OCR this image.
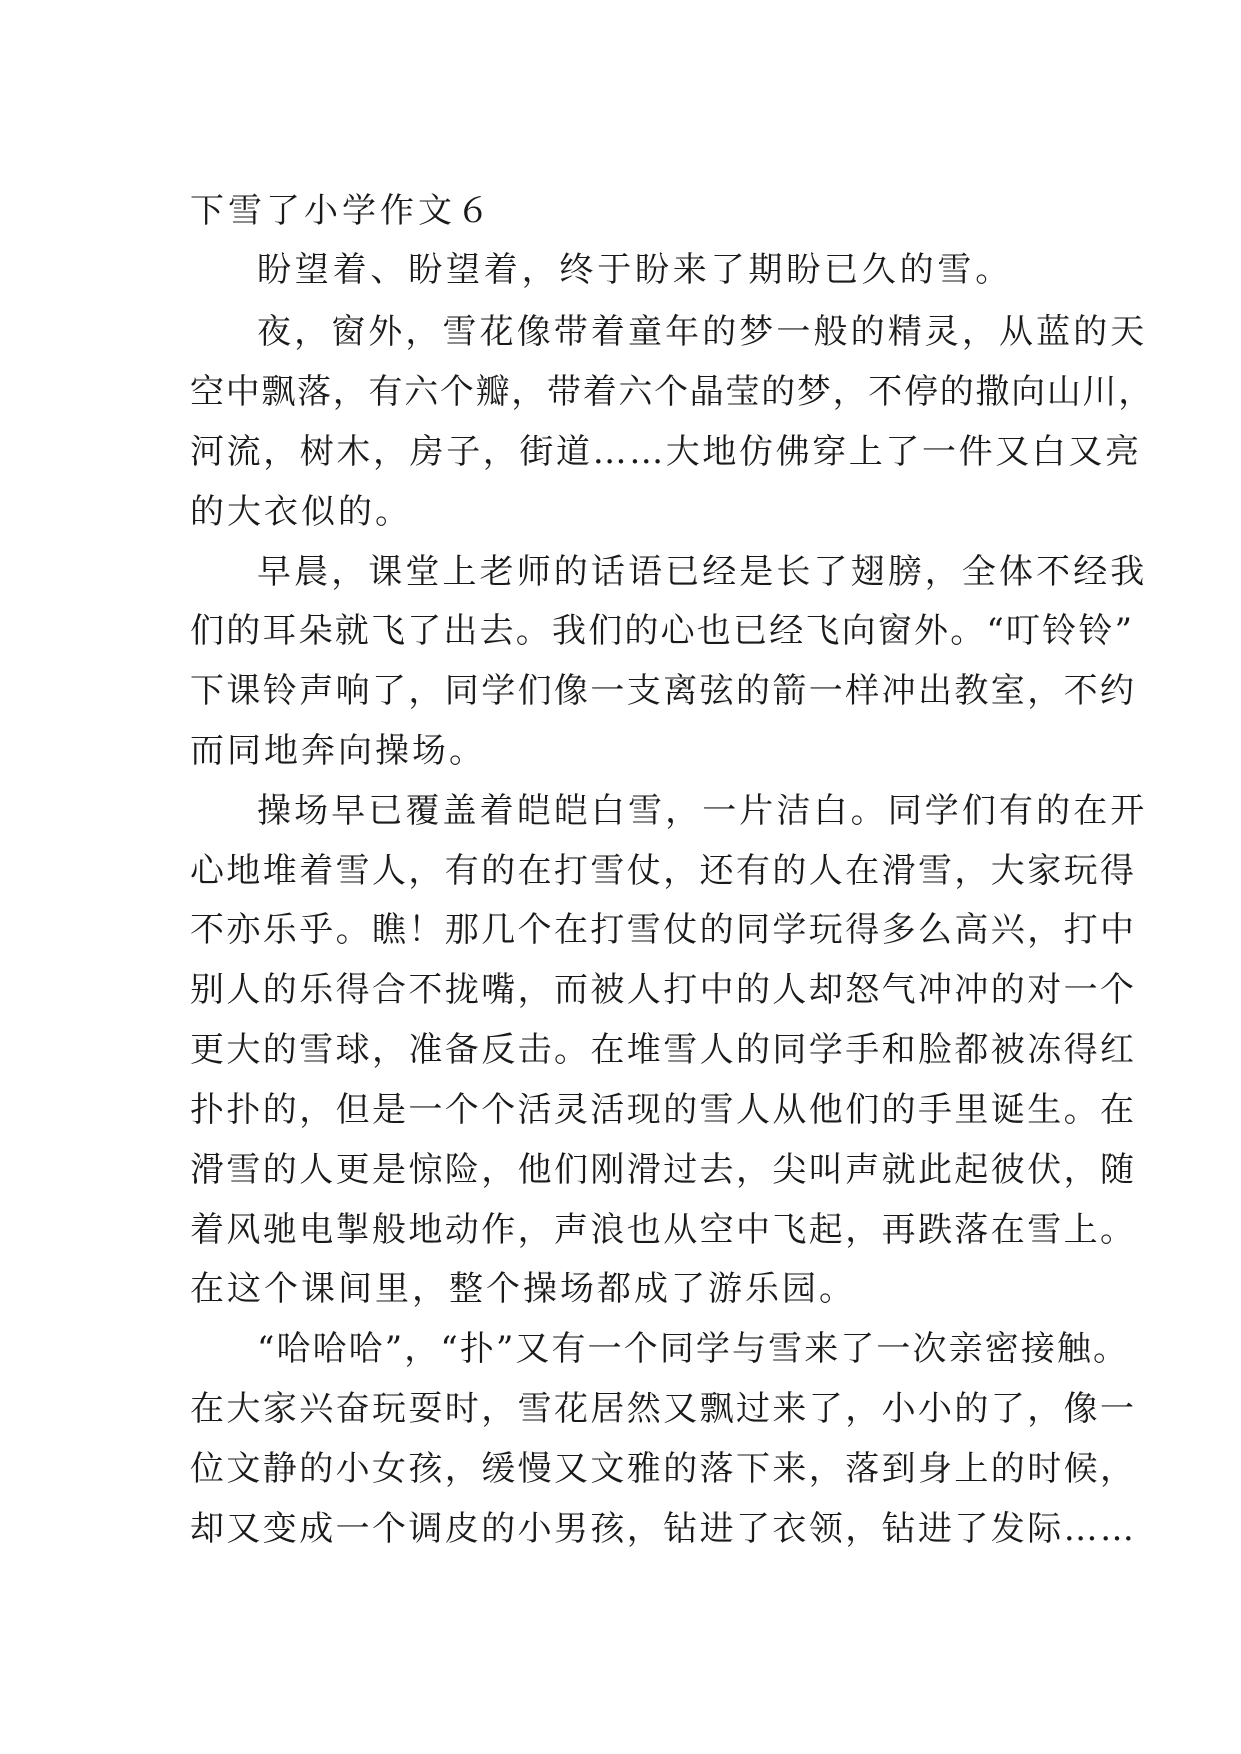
下雪了小学作文６
盼望着、盼望着，终于盼来了期盼已久的雪。
夜，窗外，雪花像带着童年的梦一般的精灵，从蓝的天
空中飘落，有六个瓣，带着六个晶莹的梦，不停的撒向山川，
河流，树木，房子，街道……大地仿佛穿上了一件又白又亮
的大衣似的。
早晨，课堂上老师的话语已经是长了翅膀，全体不经我
们的耳朵就飞了出去。我们的心也已经飞向窗外。“叮铃铃”
下课铃声响了，同学们像一支离弦的箭一样冲出教室，不约
而同地奔向操场。
操场早已覆盖着皑皑白雪，一片洁白。同学们有的在开
心地堆着雪人，有的在打雪仗，还有的人在滑雪，大家玩得
不亦乐乎。瞧！那几个在打雪仗的同学玩得多么高兴，打中
别人的乐得合不拢嘴，而被人打中的人却怒气冲冲的对一个
更大的雪球，准备反击。在堆雪人的同学手和脸都被冻得红
扑扑的，但是一个个活灵活现的雪人从他们的手里诞生。在
滑雪的人更是惊险，他们刚滑过去，尖叫声就此起彼伏，随
着风驰电掣般地动作，声浪也从空中飞起，再跌落在雪上。
在这个课间里，整个操场都成了游乐园。
“哈哈哈”，“扑”又有一个同学与雪来了一次亲密接触。
在大家兴奋玩耍时，雪花居然又飘过来了，小小的了，像一
位文静的小女孩，缓慢又文雅的落下来，落到身上的时候，
却又变成一个调皮的小男孩，钻进了衣领，钻进了发际……
